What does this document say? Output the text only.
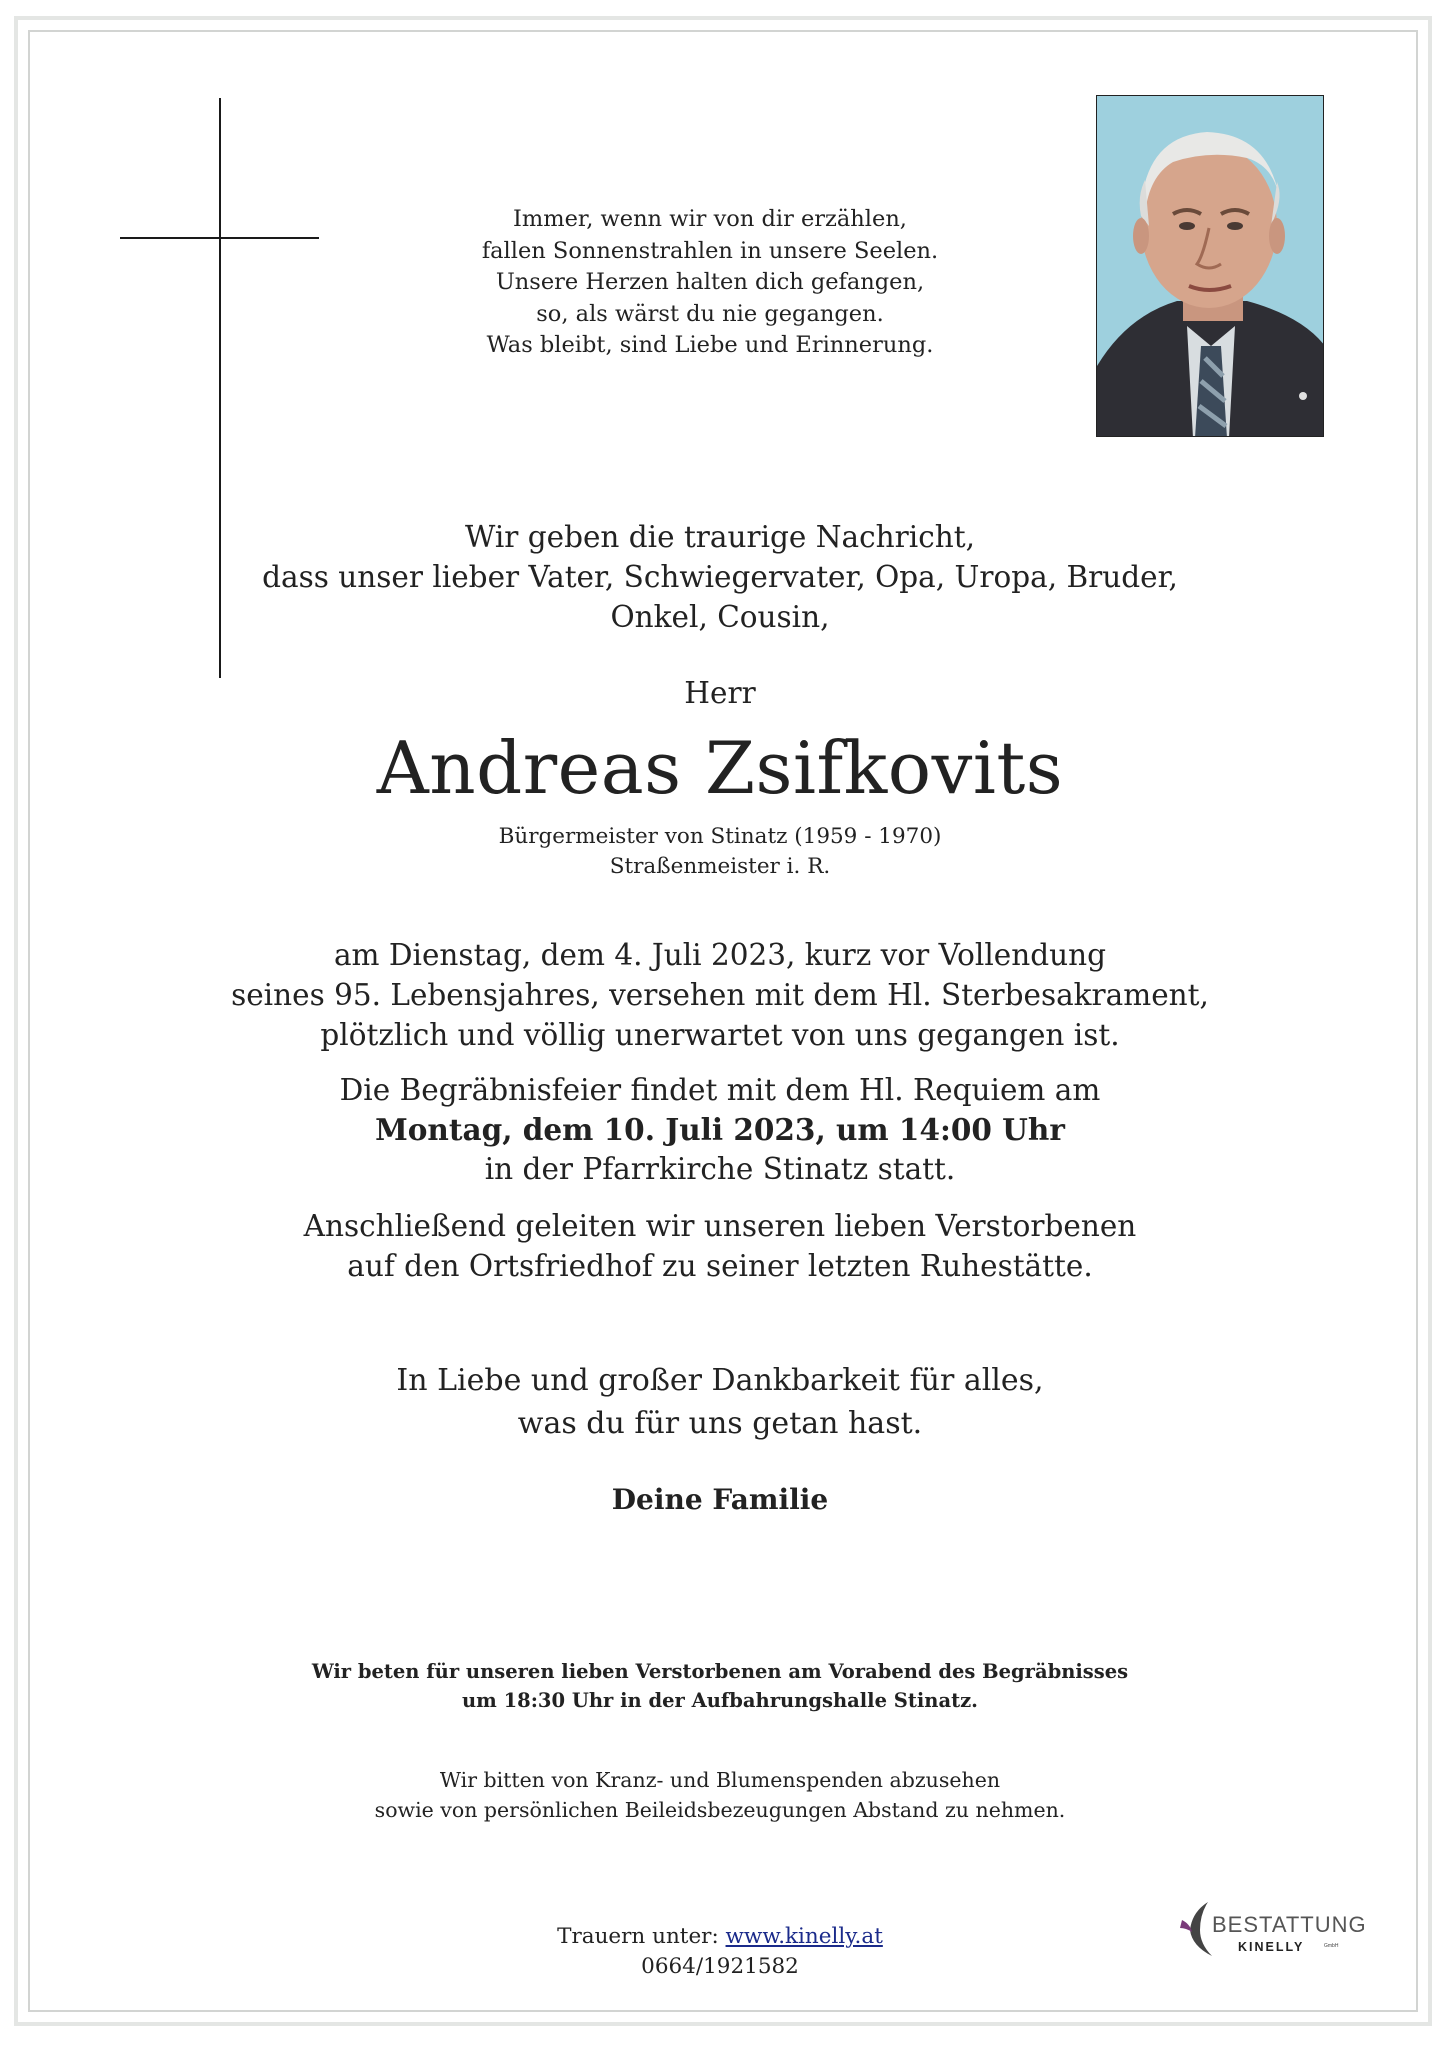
Immer, wenn wir von dir erzählen,
fallen Sonnenstrahlen in unsere Seelen.
Unsere Herzen halten dich gefangen,
so, als wärst du nie gegangen.
Was bleibt, sind Liebe und Erinnerung.
Wir geben die traurige Nachricht,
dass unser lieber Vater, Schwiegervater, Opa, Uropa, Bruder,
Onkel, Cousin,
Herr
Andreas Zsifkovits
Bürgermeister von Stinatz (1959 - 1970)
Straßenmeister i. R.
am Dienstag, dem 4. Juli 2023, kurz vor Vollendung
seines 95. Lebensjahres, versehen mit dem Hl. Sterbesakrament,
plötzlich und völlig unerwartet von uns gegangen ist.
Die Begräbnisfeier findet mit dem Hl. Requiem am
Montag, dem 10. Juli 2023, um 14:00 Uhr
in der Pfarrkirche Stinatz statt.
Anschließend geleiten wir unseren lieben Verstorbenen
auf den Ortsfriedhof zu seiner letzten Ruhestätte.
In Liebe und großer Dankbarkeit für alles,
was du für uns getan hast.
Deine Familie
Wir beten für unseren lieben Verstorbenen am Vorabend des Begräbnisses
um 18:30 Uhr in der Aufbahrungshalle Stinatz.
Wir bitten von Kranz- und Blumenspenden abzusehen
sowie von persönlichen Beileidsbezeugungen Abstand zu nehmen.
Trauern unter: www.kinelly.at
0664/1921582
BESTATTUNG
KINELLY	GmbH
